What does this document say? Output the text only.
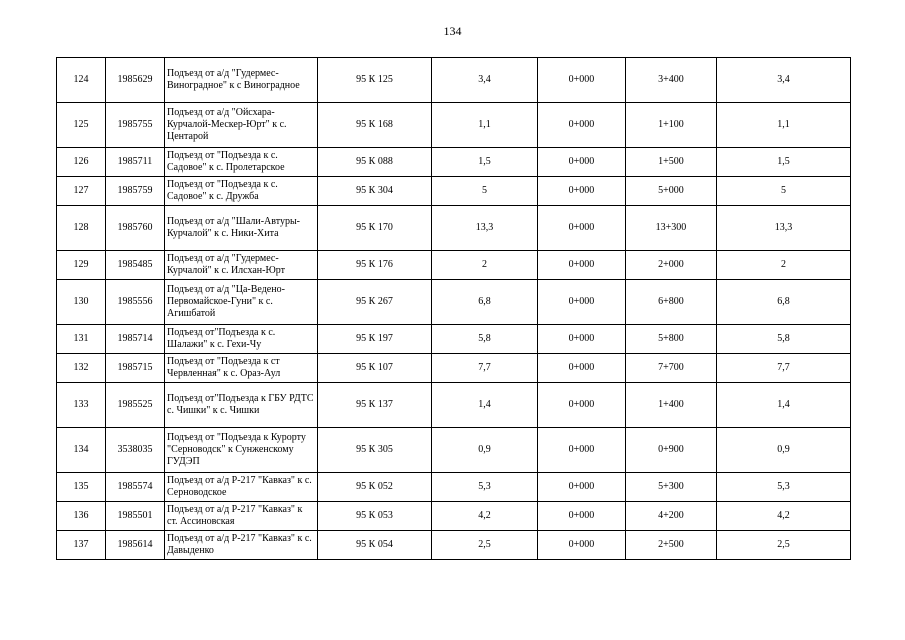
134
124	1985629	Подъезд от а/д "Гудермес-Виноградное" к с Виноградное	95 К 125	3,4	0+000	3+400	3,4
125	1985755	Подъезд от а/д "Ойсхара-Курчалой-Мескер-Юрт" к с. Центарой	95 К 168	1,1	0+000	1+100	1,1
126	1985711	Подъезд от "Подъезда к с. Садовое" к с. Пролетарское	95 К 088	1,5	0+000	1+500	1,5
127	1985759	Подъезд от "Подъезда к с. Садовое" к с. Дружба	95 К 304	5	0+000	5+000	5
128	1985760	Подъезд от а/д "Шали-Автуры-Курчалой" к с. Ники-Хита	95 К 170	13,3	0+000	13+300	13,3
129	1985485	Подъезд от а/д "Гудермес-Курчалой" к с. Илсхан-Юрт	95 К 176	2	0+000	2+000	2
130	1985556	Подъезд от а/д "Ца-Ведено-Первомайское-Гуни" к с. Агишбатой	95 К 267	6,8	0+000	6+800	6,8
131	1985714	Подъезд от"Подъезда к с. Шалажи" к с. Гехи-Чу	95 К 197	5,8	0+000	5+800	5,8
132	1985715	Подъезд от "Подъезда к ст Червленная" к с. Ораз-Аул	95 К 107	7,7	0+000	7+700	7,7
133	1985525	Подъезд от"Подъезда к ГБУ РДТС с. Чишки" к с. Чишки	95 К 137	1,4	0+000	1+400	1,4
134	3538035	Подъезд от "Подъезда к Курорту "Серноводск" к Сунженскому ГУДЭП	95 К 305	0,9	0+000	0+900	0,9
135	1985574	Подъезд от а/д Р-217 "Кавказ" к с. Серноводское	95 К 052	5,3	0+000	5+300	5,3
136	1985501	Подъезд от а/д Р-217 "Кавказ" к ст. Ассиновская	95 К 053	4,2	0+000	4+200	4,2
137	1985614	Подъезд от а/д Р-217 "Кавказ" к с. Давыденко	95 К 054	2,5	0+000	2+500	2,5
